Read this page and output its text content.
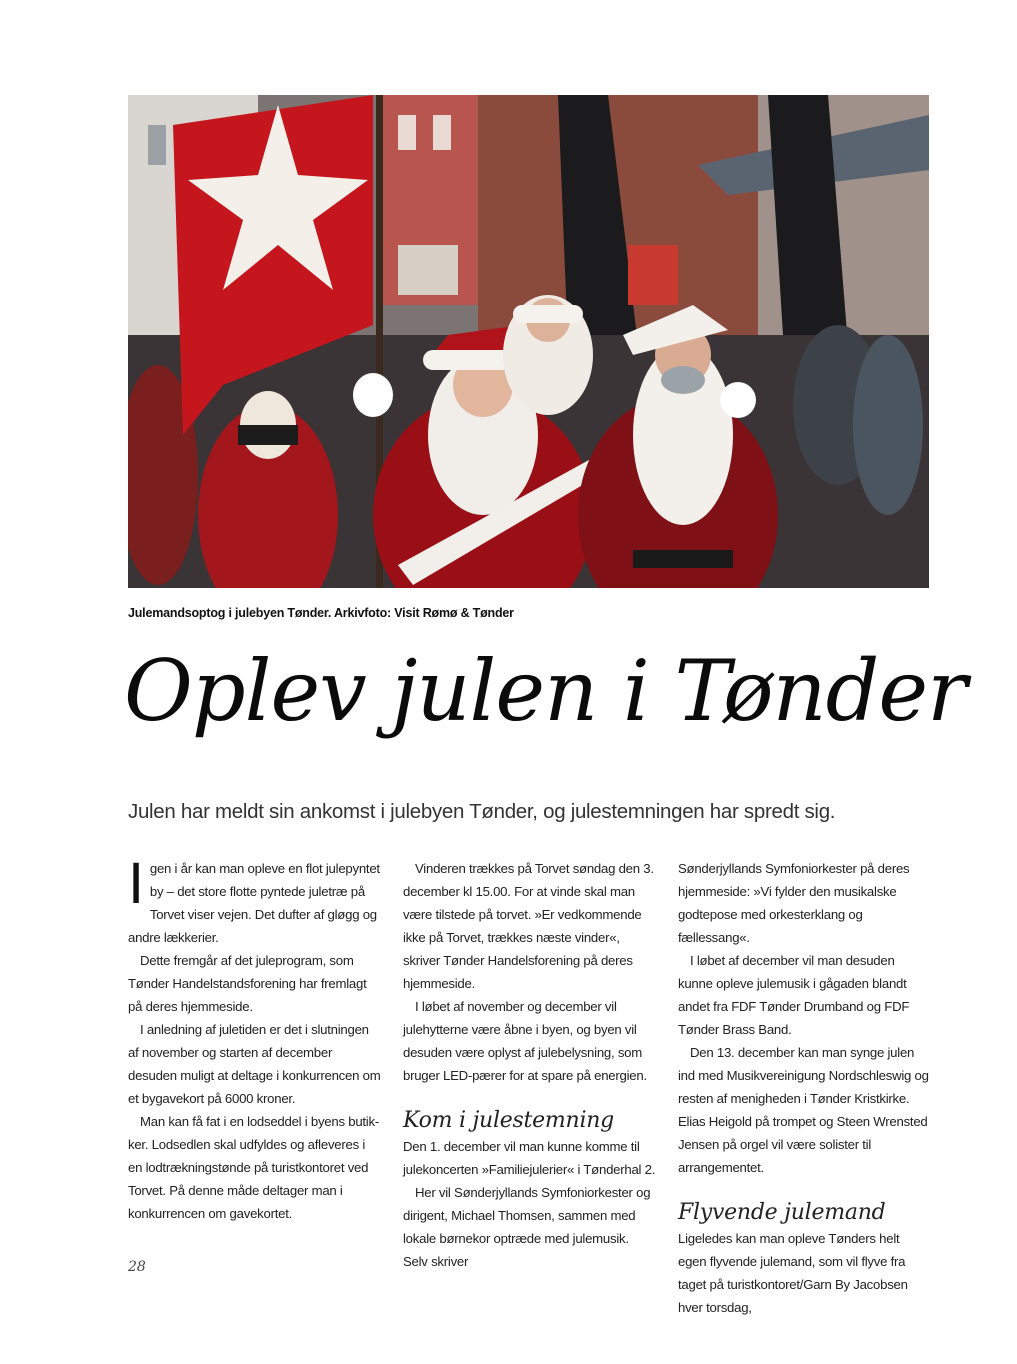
Julemandsoptog i julebyen Tønder. Arkivfoto: Visit Rømø & Tønder
Oplev julen i Tønder

Julen har meldt sin ankomst i julebyen Tønder, og julestemningen har spredt sig.

Igen i år kan man opleve en flot julepyntet by – det store flotte pyntede juletræ på Torvet viser vejen. Det dufter af gløgg og andre lækkerier.

Dette fremgår af det juleprogram, som Tønder Handelstandsforening har fremlagt på deres hjemmeside.

I anledning af juletiden er det i slutningen af november og starten af december desuden muligt at deltage i konkurrencen om et bygavekort på 6000 kroner.

Man kan få fat i en lodseddel i byens butikker. Lodsedlen skal udfyldes og afleveres i en lodtrækningstønde på turistkontoret ved Torvet. På denne måde deltager man i konkurrencen om gavekortet.

Vinderen trækkes på Torvet søndag den 3. december kl 15.00. For at vinde skal man være tilstede på torvet. »Er vedkommende ikke på Torvet, trækkes næste vinder«, skriver Tønder Handelsforening på deres hjemmeside.

I løbet af november og december vil julehytterne være åbne i byen, og byen vil desuden være oplyst af julebelysning, som bruger LED-pærer for at spare på energien.

Kom i julestemning

Den 1. december vil man kunne komme til julekoncerten »Familiejulerier« i Tønderhal 2.

Her vil Sønderjyllands Symfoniorkester og dirigent, Michael Thomsen, sammen med lokale børnekor optræde med julemusik. Selv skriver

Sønderjyllands Symfoniorkester på deres hjemmeside: »Vi fylder den musikalske godtepose med orkesterklang og fællessang«.

I løbet af december vil man desuden kunne opleve julemusik i gågaden blandt andet fra FDF Tønder Drumband og FDF Tønder Brass Band.

Den 13. december kan man synge julen ind med Musikvereinigung Nordschleswig og resten af menigheden i Tønder Kristkirke. Elias Heigold på trompet og Steen Wrensted Jensen på orgel vil være solister til arrangementet.

Flyvende julemand

Ligeledes kan man opleve Tønders helt egen flyvende julemand, som vil flyve fra taget på turistkontoret/Garn By Jacobsen hver torsdag,

28
